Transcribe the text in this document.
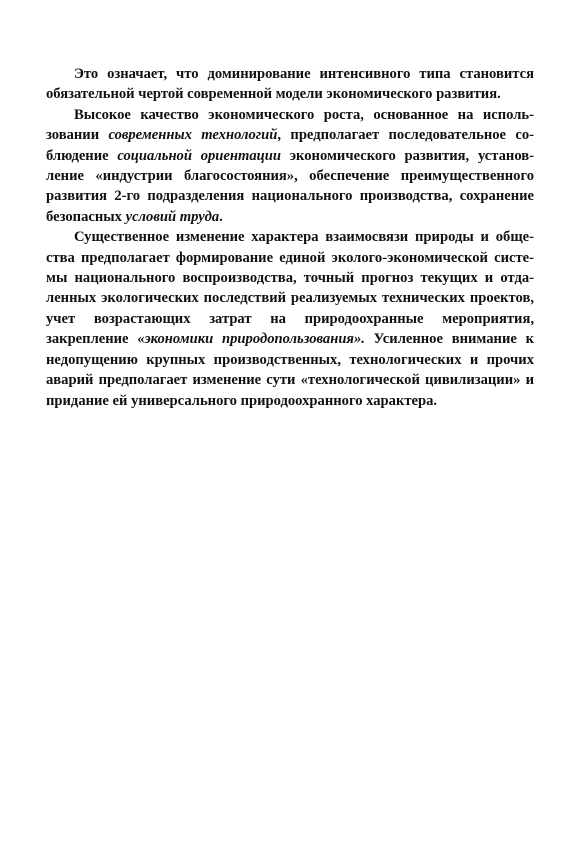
Это означает, что доминирование интенсивного типа становится обязательной чертой современной модели экономического развития.

Высокое качество экономического роста, основанное на использовании современных технологий, предполагает последовательное соблюдение социальной ориентации экономического развития, установление «индустрии благосостояния», обеспечение преимущественного развития 2-го подразделения национального производства, сохранение безопасных условий труда.

Существенное изменение характера взаимосвязи природы и общества предполагает формирование единой эколого-экономической системы национального воспроизводства, точный прогноз текущих и отдаленных экологических последствий реализуемых технических проектов, учет возрастающих затрат на природоохранные мероприятия, закрепление «экономики природопользования». Усиленное внимание к недопущению крупных производственных, технологических и прочих аварий предполагает изменение сути «технологической цивилизации» и придание ей универсального природоохранного характера.
